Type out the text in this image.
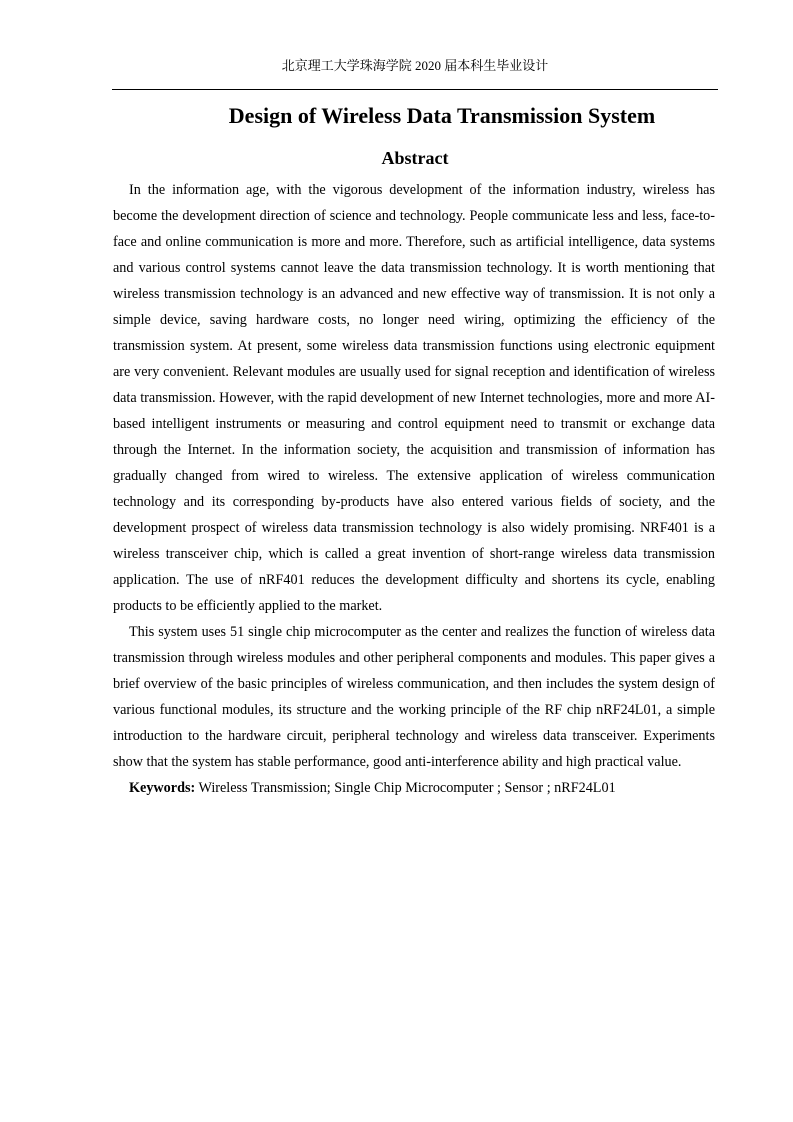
北京理工大学珠海学院 2020 届本科生毕业设计
Design of Wireless Data Transmission System
Abstract

In the information age, with the vigorous development of the information industry, wireless has become the development direction of science and technology. People communicate less and less, face-to-face and online communication is more and more. Therefore, such as artificial intelligence, data systems and various control systems cannot leave the data transmission technology. It is worth mentioning that wireless transmission technology is an advanced and new effective way of transmission. It is not only a simple device, saving hardware costs, no longer need wiring, optimizing the efficiency of the transmission system. At present, some wireless data transmission functions using electronic equipment are very convenient. Relevant modules are usually used for signal reception and identification of wireless data transmission. However, with the rapid development of new Internet technologies, more and more AI-based intelligent instruments or measuring and control equipment need to transmit or exchange data through the Internet. In the information society, the acquisition and transmission of information has gradually changed from wired to wireless. The extensive application of wireless communication technology and its corresponding by-products have also entered various fields of society, and the development prospect of wireless data transmission technology is also widely promising. NRF401 is a wireless transceiver chip, which is called a great invention of short-range wireless data transmission application. The use of nRF401 reduces the development difficulty and shortens its cycle, enabling products to be efficiently applied to the market.

This system uses 51 single chip microcomputer as the center and realizes the function of wireless data transmission through wireless modules and other peripheral components and modules. This paper gives a brief overview of the basic principles of wireless communication, and then includes the system design of various functional modules, its structure and the working principle of the RF chip nRF24L01, a simple introduction to the hardware circuit, peripheral technology and wireless data transceiver. Experiments show that the system has stable performance, good anti-interference ability and high practical value.

Keywords: Wireless Transmission; Single Chip Microcomputer ; Sensor ; nRF24L01
